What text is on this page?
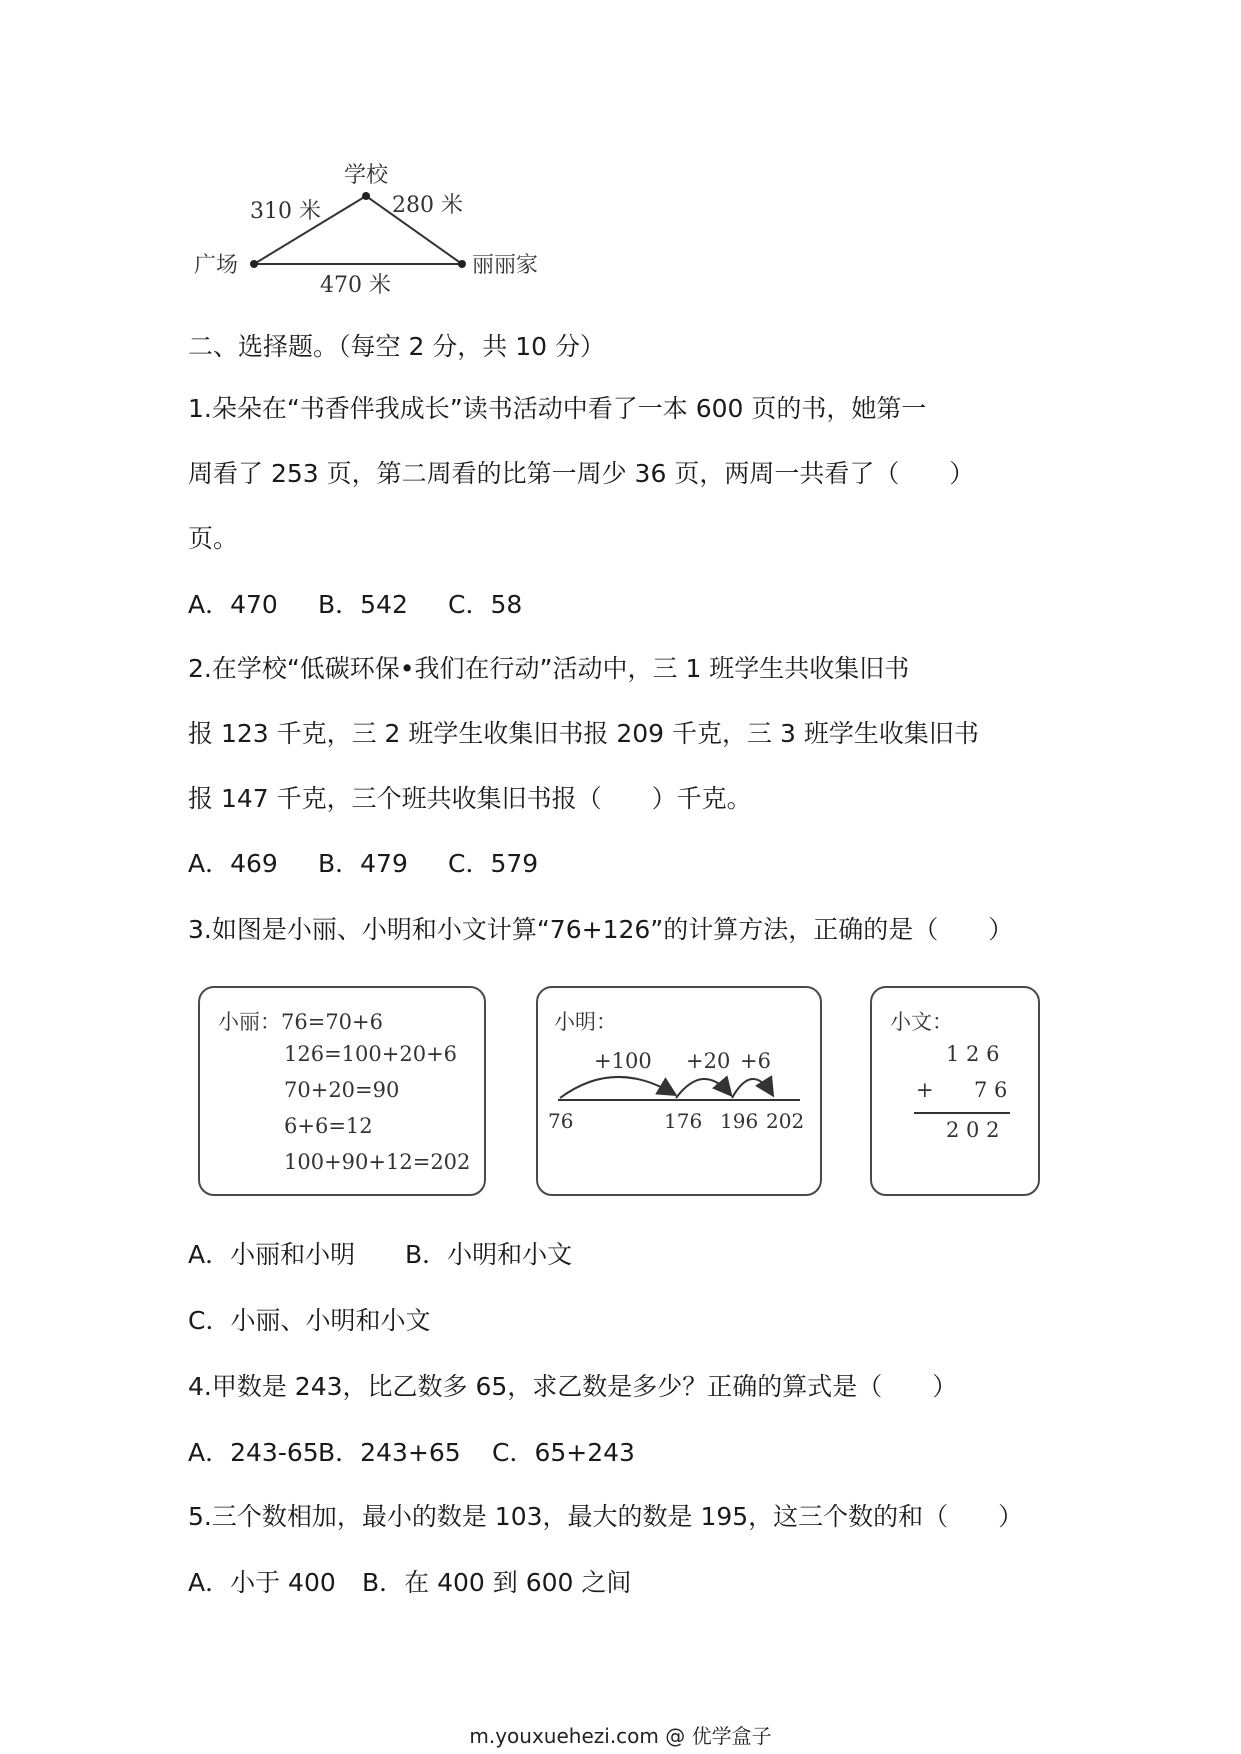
学校
广场	丽丽家
310 米	280 米
470 米
二、选择题。（每空 2 分，共 10 分）
1.朵朵在“书香伴我成长”读书活动中看了一本 600 页的书，她第一
周看了 253 页，第二周看的比第一周少 36 页，两周一共看了（　　）
页。
A．470 B．542 C．58
2.在学校“低碳环保•我们在行动”活动中，三 1 班学生共收集旧书
报 123 千克，三 2 班学生收集旧书报 209 千克，三 3 班学生收集旧书
报 147 千克，三个班共收集旧书报（　　）千克。
A．469 B．479 C．579
3.如图是小丽、小明和小文计算“76+126”的计算方法，正确的是（　　）
小丽：76=70+6
126=100+20+6
70+20=90
6+6=12
100+90+12=202
小明：
+100 +20 +6
76	176 196 202
小文：
1 2 6
+ 7 6
2 0 2
A．小丽和小明 B．小明和小文
C．小丽、小明和小文
4.甲数是 243，比乙数多 65，求乙数是多少？正确的算式是（　　）
A．243-65 B．243+65 C．65+243
5.三个数相加，最小的数是 103，最大的数是 195，这三个数的和（　　）
A．小于 400 B．在 400 到 600 之间
m.youxuehezi.com @ 优学盒子
